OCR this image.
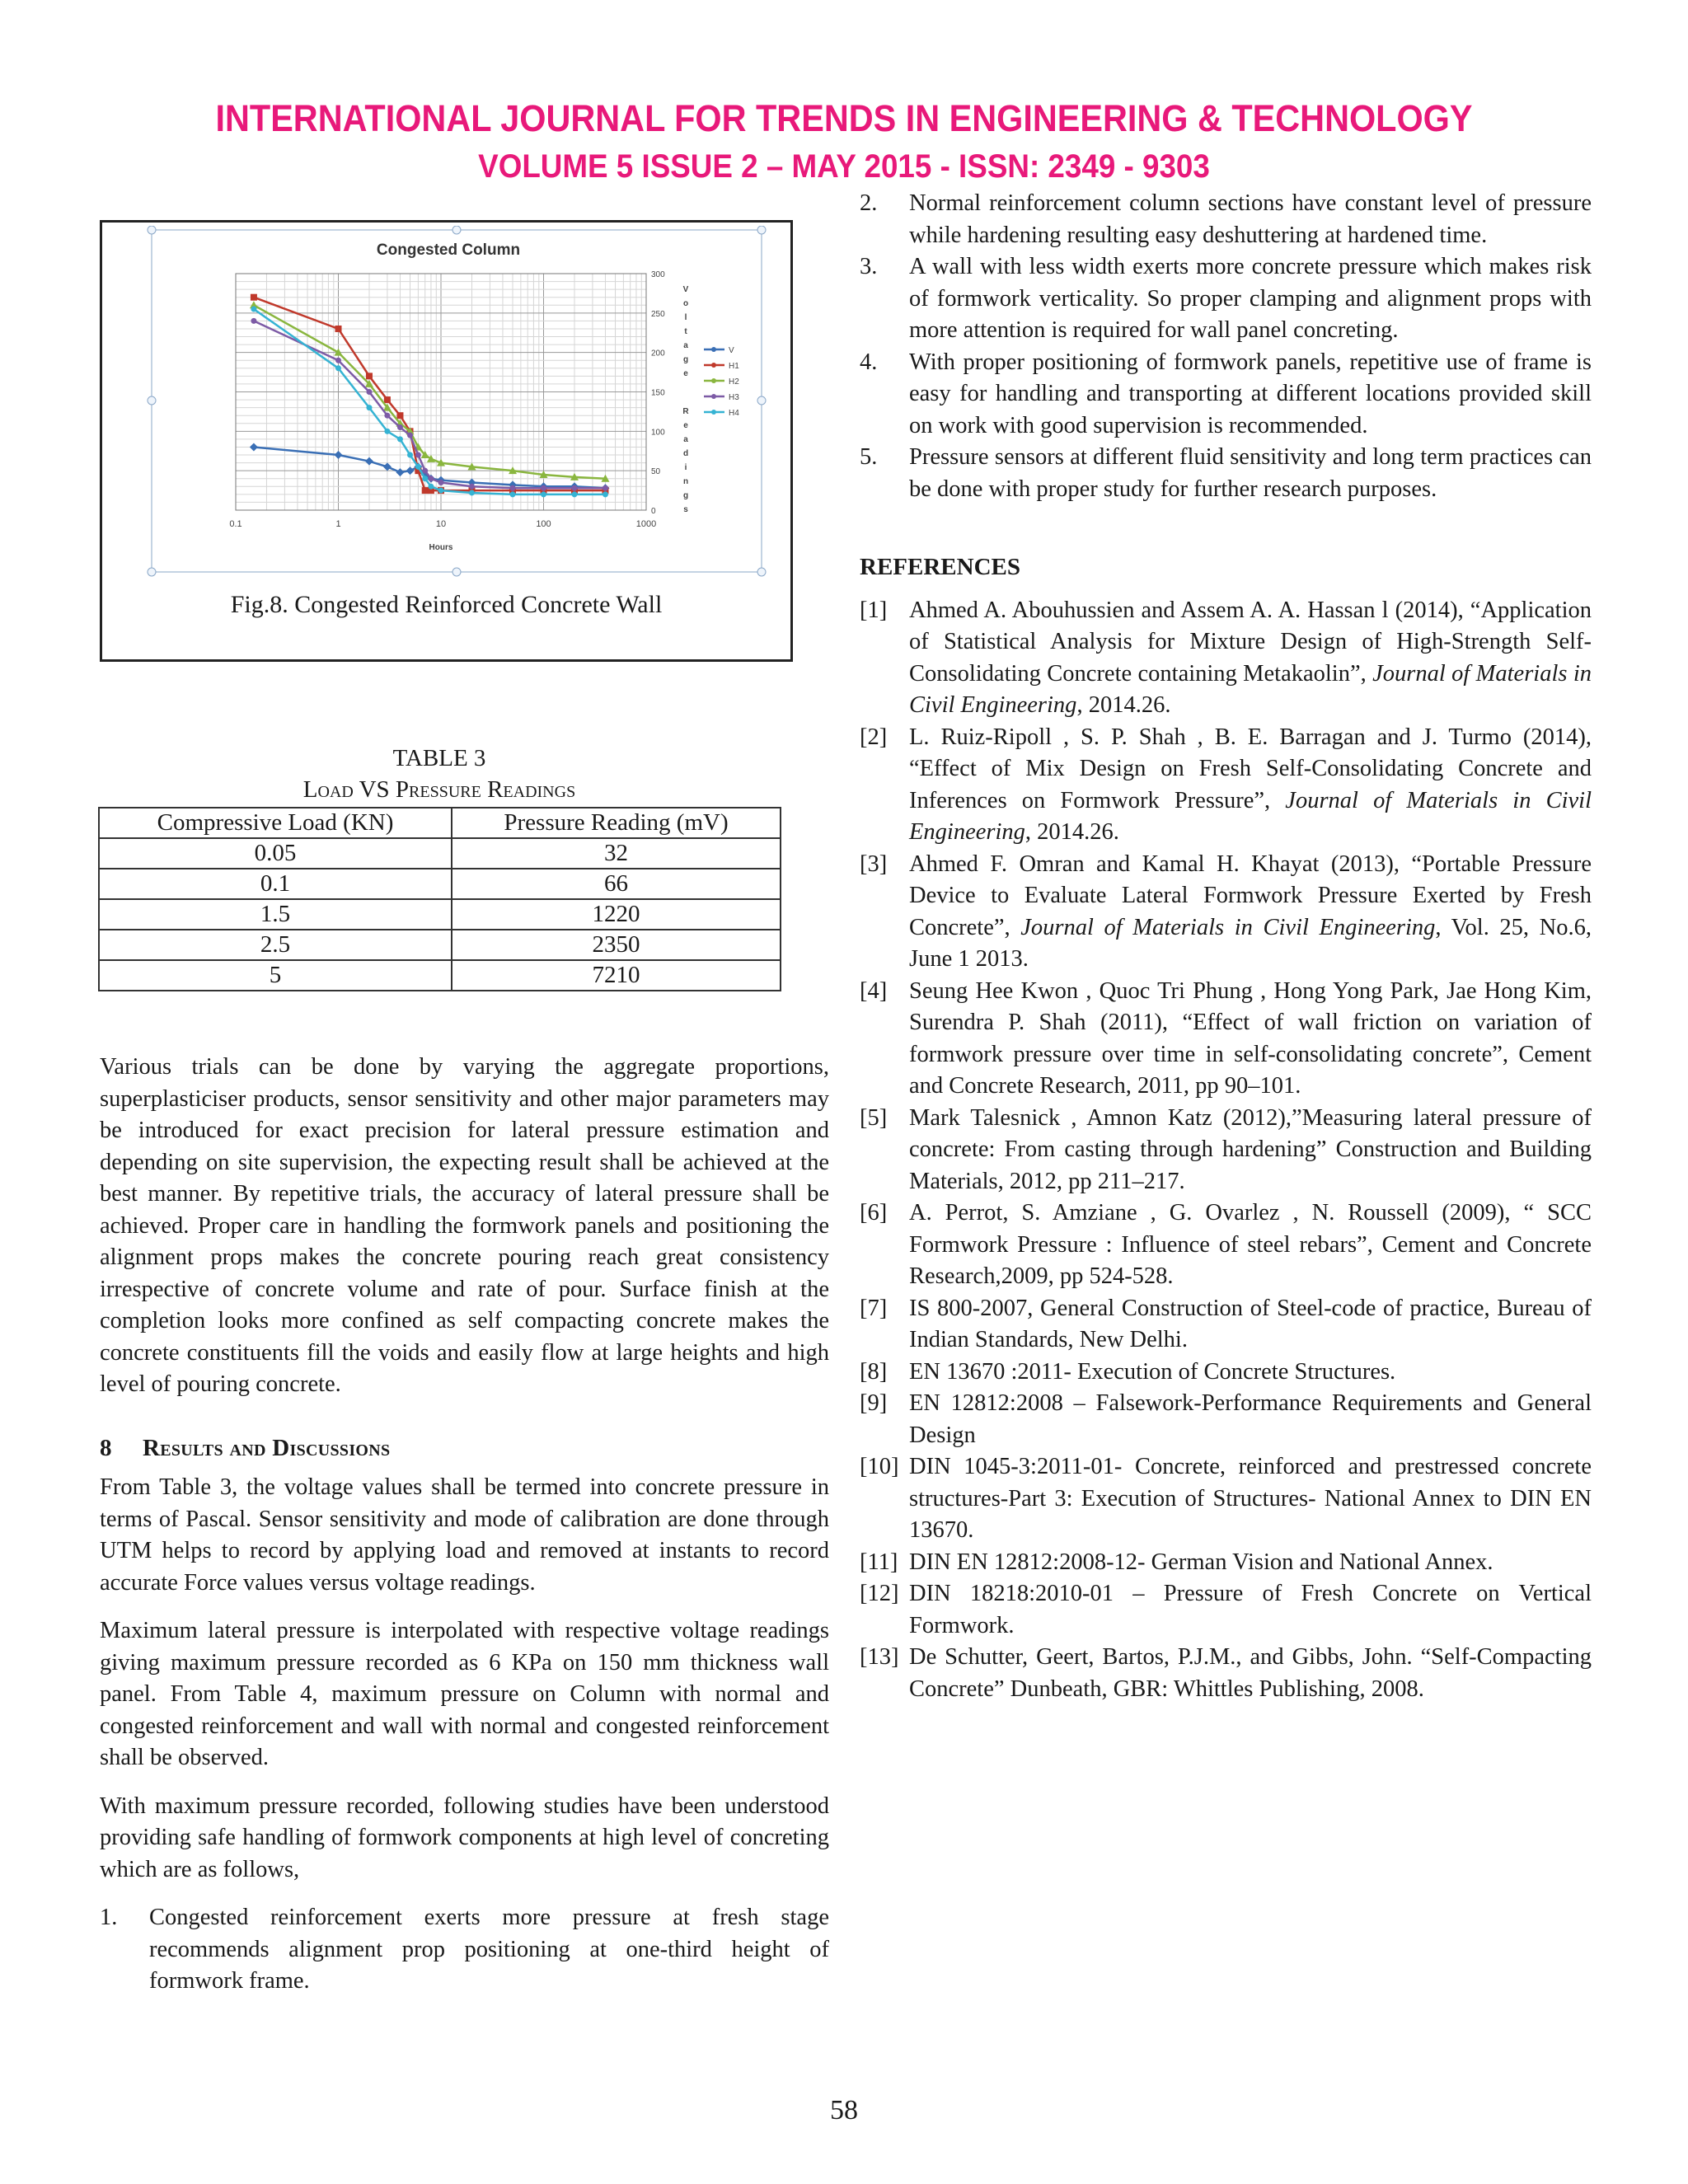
INTERNATIONAL JOURNAL FOR TRENDS IN ENGINEERING & TECHNOLOGY
VOLUME 5 ISSUE 2 – MAY 2015 - ISSN: 2349 - 9303
Congested Column
0.1	1	10	100	1000
Hours
0
50
100
150
200
250
300
V
o
l
t
a
g
e
R
e
a
d
i
n
g
s
V
H1
H2
H3
H4
Fig.8. Congested Reinforced Concrete Wall
TABLE 3
Load VS Pressure Readings
Compressive Load (KN)	Pressure Reading (mV)
0.05	32
0.1	66
1.5	1220
2.5	2350
5	7210

Various trials can be done by varying the aggregate proportions, superplasticiser products, sensor sensitivity and other major parameters may be introduced for exact precision for lateral pressure estimation and depending on site supervision, the expecting result shall be achieved at the best manner. By repetitive trials, the accuracy of lateral pressure shall be achieved. Proper care in handling the formwork panels and positioning the alignment props makes the concrete pouring reach great consistency irrespective of concrete volume and rate of pour. Surface finish at the completion looks more confined as self compacting concrete makes the concrete constituents fill the voids and easily flow at large heights and high level of pouring concrete.

8 Results and Discussions

From Table 3, the voltage values shall be termed into concrete pressure in terms of Pascal. Sensor sensitivity and mode of calibration are done through UTM helps to record by applying load and removed at instants to record accurate Force values versus voltage readings.

Maximum lateral pressure is interpolated with respective voltage readings giving maximum pressure recorded as 6 KPa on 150 mm thickness wall panel. From Table 4, maximum pressure on Column with normal and congested reinforcement and wall with normal and congested reinforcement shall be observed.

With maximum pressure recorded, following studies have been understood providing safe handling of formwork components at high level of concreting which are as follows,

1.	Congested reinforcement exerts more pressure at fresh stage recommends alignment prop positioning at one-third height of formwork frame.
2.	Normal reinforcement column sections have constant level of pressure while hardening resulting easy deshuttering at hardened time.
3.	A wall with less width exerts more concrete pressure which makes risk of formwork verticality. So proper clamping and alignment props with more attention is required for wall panel concreting.
4.	With proper positioning of formwork panels, repetitive use of frame is easy for handling and transporting at different locations provided skill on work with good supervision is recommended.
5.	Pressure sensors at different fluid sensitivity and long term practices can be done with proper study for further research purposes.
REFERENCES
[1] Ahmed A. Abouhussien and Assem A. A. Hassan l (2014), “Application of Statistical Analysis for Mixture Design of High-Strength Self-Consolidating Concrete containing Metakaolin”, Journal of Materials in Civil Engineering, 2014.26.
[2] L. Ruiz-Ripoll , S. P. Shah , B. E. Barragan and J. Turmo (2014), “Effect of Mix Design on Fresh Self-Consolidating Concrete and Inferences on Formwork Pressure”, Journal of Materials in Civil Engineering, 2014.26.
[3] Ahmed F. Omran and Kamal H. Khayat (2013), “Portable Pressure Device to Evaluate Lateral Formwork Pressure Exerted by Fresh Concrete”, Journal of Materials in Civil Engineering, Vol. 25, No.6, June 1 2013.
[4] Seung Hee Kwon , Quoc Tri Phung , Hong Yong Park, Jae Hong Kim, Surendra P. Shah (2011), “Effect of wall friction on variation of formwork pressure over time in self-consolidating concrete”, Cement and Concrete Research, 2011, pp 90–101.
[5] Mark Talesnick , Amnon Katz (2012),”Measuring lateral pressure of concrete: From casting through hardening” Construction and Building Materials, 2012, pp 211–217.
[6] A. Perrot, S. Amziane , G. Ovarlez , N. Roussell (2009), “ SCC Formwork Pressure : Influence of steel rebars”, Cement and Concrete Research,2009, pp 524-528.
[7] IS 800-2007, General Construction of Steel-code of practice, Bureau of Indian Standards, New Delhi.
[8] EN 13670 :2011- Execution of Concrete Structures.
[9] EN 12812:2008 – Falsework-Performance Requirements and General Design
[10] DIN 1045-3:2011-01- Concrete, reinforced and prestressed concrete structures-Part 3: Execution of Structures- National Annex to DIN EN 13670.
[11] DIN EN 12812:2008-12- German Vision and National Annex.
[12] DIN 18218:2010-01 – Pressure of Fresh Concrete on Vertical Formwork.
[13] De Schutter, Geert, Bartos, P.J.M., and Gibbs, John. “Self-Compacting Concrete” Dunbeath, GBR: Whittles Publishing, 2008.
58
